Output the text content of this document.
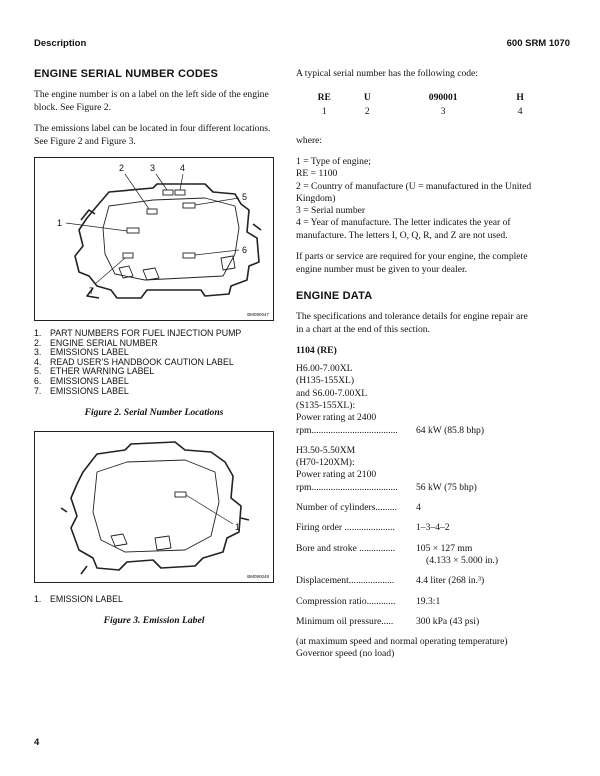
Description	600 SRM 1070
ENGINE SERIAL NUMBER CODES

The engine number is on a label on the left side of the engine block. See Figure 2.

The emissions label can be located in four different locations. See Figure 2 and Figure 3.

1
2	3	4
5
6
7
BM090047
1. PART NUMBERS FOR FUEL INJECTION PUMP
2. ENGINE SERIAL NUMBER
3. EMISSIONS LABEL
4. READ USER’S HANDBOOK CAUTION LABEL
5. ETHER WARNING LABEL
6. EMISSIONS LABEL
7. EMISSIONS LABEL
Figure 2. Serial Number Locations
1
BM090048
1. EMISSION LABEL
Figure 3. Emission Label

A typical serial number has the following code:

RE	U	090001	H
1	2	3	4

where:

1 = Type of engine;
RE = 1100
2 = Country of manufacture (U = manufactured in the United Kingdom)
3 = Serial number
4 = Year of manufacture. The letter indicates the year of manufacture. The letters I, O, Q, R, and Z are not used.

If parts or service are required for your engine, the complete engine number must be given to your dealer.

ENGINE DATA

The specifications and tolerance details for engine repair are in a chart at the end of this section.

1104 (RE)
H6.00-7.00XL
(H135-155XL)
and S6.00-7.00XL
(S135-155XL):
Power rating at 2400
rpm....................................	64 kW (85.8 bhp)
H3.50-5.50XM
(H70-120XM):
Power rating at 2100
rpm....................................	56 kW (75 bhp)
Number of cylinders.........	4
Firing order .....................	1–3–4–2
Bore and stroke ...............	105 × 127 mm
(4.133 × 5.000 in.)
Displacement...................	4.4 liter (268 in.³)
Compression ratio............	19.3:1
Minimum oil pressure.....	300 kPa (43 psi)
(at maximum speed and normal operating temperature)
Governor speed (no load)
4
